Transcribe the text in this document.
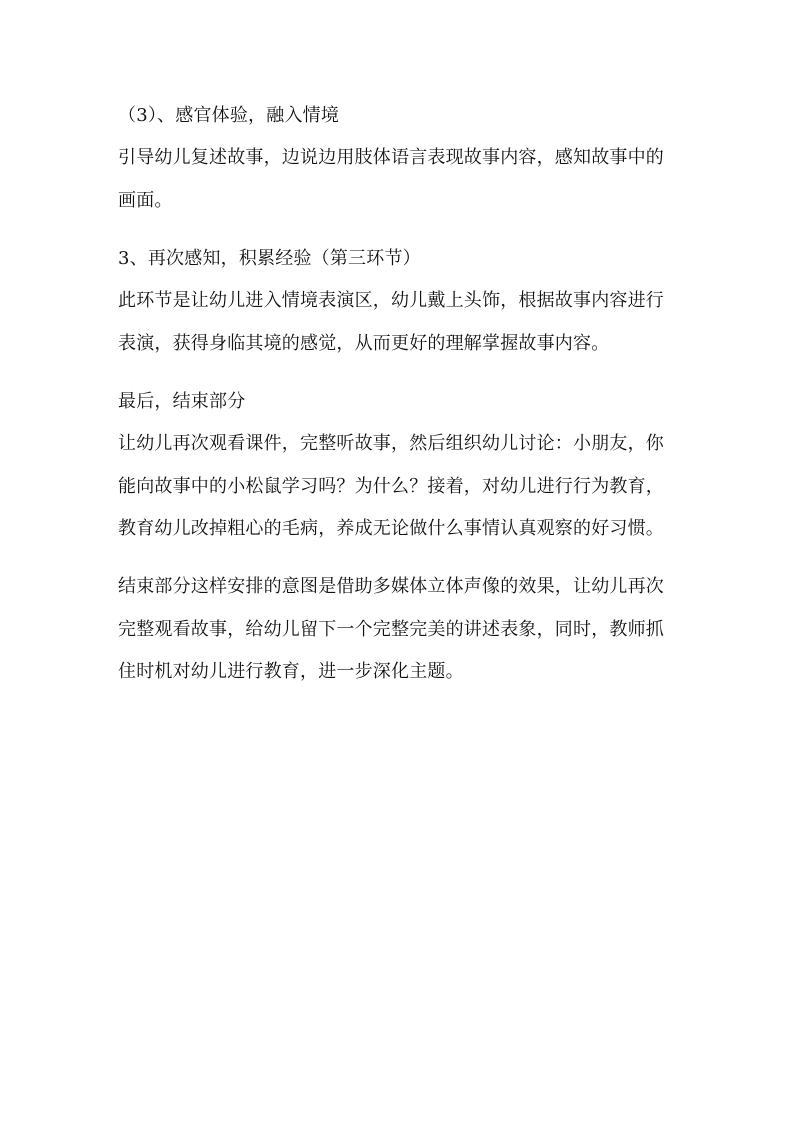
（3）、感官体验，融入情境
引导幼儿复述故事，边说边用肢体语言表现故事内容，感知故事中的
画面。
3、再次感知，积累经验（第三环节）
此环节是让幼儿进入情境表演区，幼儿戴上头饰，根据故事内容进行
表演，获得身临其境的感觉，从而更好的理解掌握故事内容。
最后，结束部分
让幼儿再次观看课件，完整听故事，然后组织幼儿讨论：小朋友，你
能向故事中的小松鼠学习吗？为什么？接着，对幼儿进行行为教育，
教育幼儿改掉粗心的毛病，养成无论做什么事情认真观察的好习惯。
结束部分这样安排的意图是借助多媒体立体声像的效果，让幼儿再次
完整观看故事，给幼儿留下一个完整完美的讲述表象，同时，教师抓
住时机对幼儿进行教育，进一步深化主题。
